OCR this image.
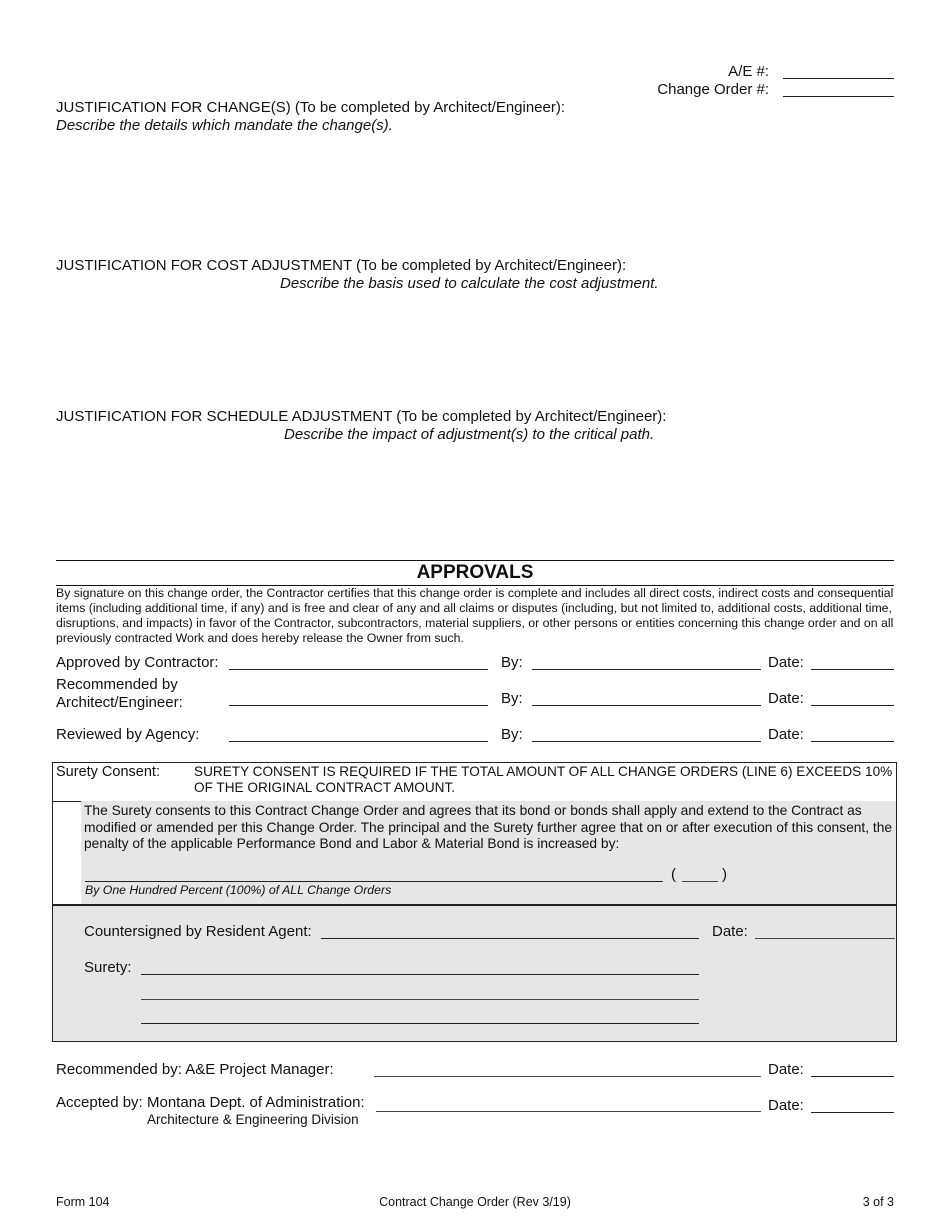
A/E #:
Change Order #:
JUSTIFICATION FOR CHANGE(S) (To be completed by Architect/Engineer):
Describe the details which mandate the change(s).
JUSTIFICATION FOR COST ADJUSTMENT (To be completed by Architect/Engineer):
Describe the basis used to calculate the cost adjustment.
JUSTIFICATION FOR SCHEDULE ADJUSTMENT (To be completed by Architect/Engineer):
Describe the impact of adjustment(s) to the critical path.
APPROVALS
By signature on this change order, the Contractor certifies that this change order is complete and includes all direct costs, indirect costs and consequential items (including additional time, if any) and is free and clear of any and all claims or disputes (including, but not limited to, additional costs, additional time, disruptions, and impacts) in favor of the Contractor, subcontractors, material suppliers, or other persons or entities concerning this change order and on all previously contracted Work and does hereby release the Owner from such.
Approved by Contractor:	By:	Date:
Recommended by
Architect/Engineer:	By:	Date:
Reviewed by Agency:	By:	Date:
Surety Consent:	SURETY CONSENT IS REQUIRED IF THE TOTAL AMOUNT OF ALL CHANGE ORDERS (LINE 6) EXCEEDS 10% OF THE ORIGINAL CONTRACT AMOUNT.
The Surety consents to this Contract Change Order and agrees that its bond or bonds shall apply and extend to the Contract as modified or amended per this Change Order. The principal and the Surety further agree that on or after execution of this consent, the penalty of the applicable Performance Bond and Labor & Material Bond is increased by:
(	)
By One Hundred Percent (100%) of ALL Change Orders
Countersigned by Resident Agent:	Date:
Surety:
Recommended by: A&E Project Manager:	Date:
Accepted by: Montana Dept. of Administration:
Architecture & Engineering Division
Date:
Form 104	Contract Change Order (Rev 3/19)	3 of 3
